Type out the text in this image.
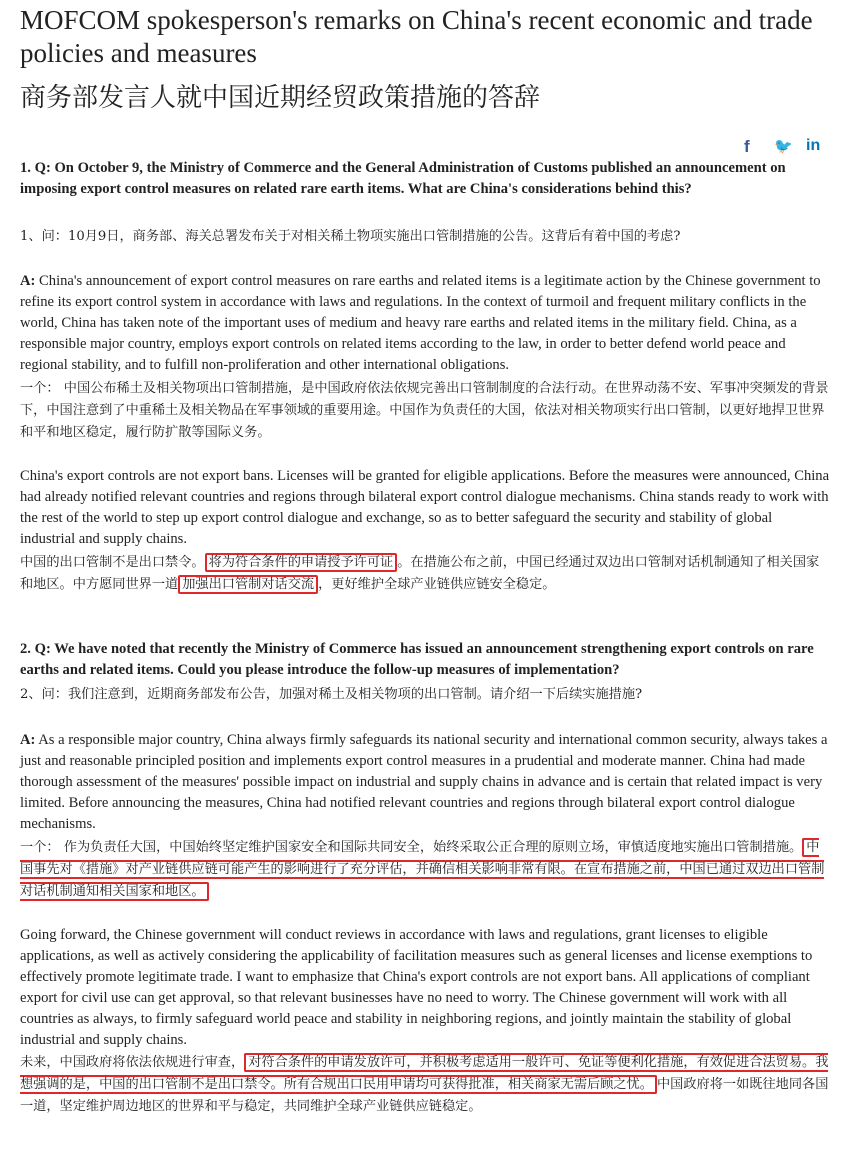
MOFCOM spokesperson's remarks on China's recent economic and trade policies and measures
商务部发言人就中国近期经贸政策措施的答辞
f 🐦 in
1. Q: On October 9, the Ministry of Commerce and the General Administration of Customs published an announcement on imposing export control measures on related rare earth items. What are China's considerations behind this?
1、问：10月9日，商务部、海关总署发布关于对相关稀土物项实施出口管制措施的公告。这背后有着中国的考虑?
A: China's announcement of export control measures on rare earths and related items is a legitimate action by the Chinese government to refine its export control system in accordance with laws and regulations. In the context of turmoil and frequent military conflicts in the world, China has taken note of the important uses of medium and heavy rare earths and related items in the military field. China, as a responsible major country, employs export controls on related items according to the law, in order to better defend world peace and regional stability, and to fulfill non-proliferation and other international obligations.
一个： 中国公布稀土及相关物项出口管制措施，是中国政府依法依规完善出口管制制度的合法行动。在世界动荡不安、军事冲突频发的背景下，中国注意到了中重稀土及相关物品在军事领域的重要用途。中国作为负责任的大国，依法对相关物项实行出口管制，以更好地捍卫世界和平和地区稳定，履行防扩散等国际义务。
China's export controls are not export bans. Licenses will be granted for eligible applications. Before the measures were announced, China had already notified relevant countries and regions through bilateral export control dialogue mechanisms. China stands ready to work with the rest of the world to step up export control dialogue and exchange, so as to better safeguard the security and stability of global industrial and supply chains.
中国的出口管制不是出口禁令。 将为符合条件的申请授予许可证 。在措施公布之前，中国已经通过双边出口管制对话机制通知了相关国家和地区。中方愿同世界一道 加强出口管制对话交流 ，更好维护全球产业链供应链安全稳定。
2. Q: We have noted that recently the Ministry of Commerce has issued an announcement strengthening export controls on rare earths and related items. Could you please introduce the follow-up measures of implementation?
2、问：我们注意到，近期商务部发布公告，加强对稀土及相关物项的出口管制。请介绍一下后续实施措施?
A: As a responsible major country, China always firmly safeguards its national security and international common security, always takes a just and reasonable principled position and implements export control measures in a prudential and moderate manner. China had made thorough assessment of the measures' possible impact on industrial and supply chains in advance and is certain that related impact is very limited. Before announcing the measures, China had notified relevant countries and regions through bilateral export control dialogue mechanisms.
一个： 作为负责任大国，中国始终坚定维护国家安全和国际共同安全，始终采取公正合理的原则立场，审慎适度地实施出口管制措施。 中国事先对《措施》对产业链供应链可能产生的影响进行了充分评估，并确信相关影响非常有限。在宣布措施之前，中国已通过双边出口管制对话机制通知相关国家和地区。
Going forward, the Chinese government will conduct reviews in accordance with laws and regulations, grant licenses to eligible applications, as well as actively considering the applicability of facilitation measures such as general licenses and license exemptions to effectively promote legitimate trade. I want to emphasize that China's export controls are not export bans. All applications of compliant export for civil use can get approval, so that relevant businesses have no need to worry. The Chinese government will work with all countries as always, to firmly safeguard world peace and stability in neighboring regions, and jointly maintain the stability of global industrial and supply chains.
未来，中国政府将依法依规进行审查， 对符合条件的申请发放许可，并积极考虑适用一般许可、免证等便利化措施，有效促进合法贸易。我想强调的是，中国的出口管制不是出口禁令。所有合规出口民用申请均可获得批准，相关商家无需后顾之忧。 中国政府将一如既往地同各国一道，坚定维护周边地区的世界和平与稳定，共同维护全球产业链供应链稳定。
